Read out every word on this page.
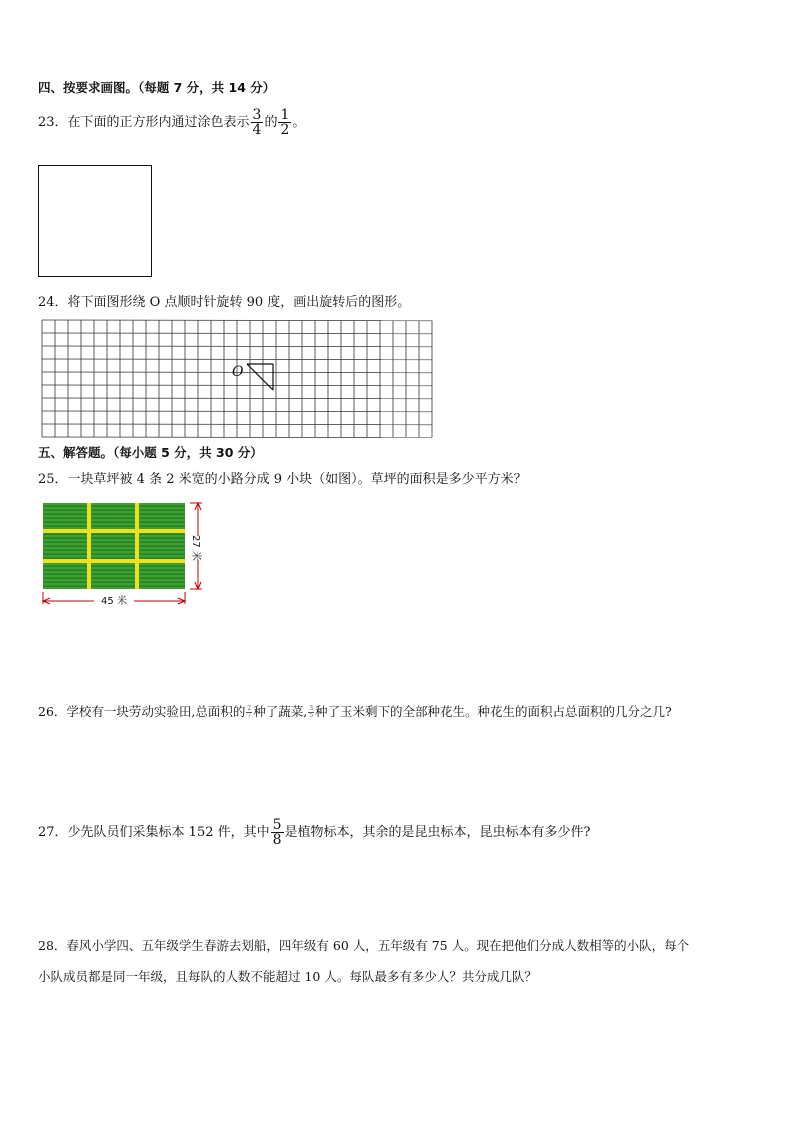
四、按要求画图。（每题 7 分，共 14 分）
23．在下面的正方形内通过涂色表示 $\frac{3}{4}$ 的 $\frac{1}{2}$ 。
24．将下面图形绕 O 点顺时针旋转 90 度，画出旋转后的图形。
O
五、解答题。（每小题 5 分，共 30 分）
25．一块草坪被 4 条 2 米宽的小路分成 9 小块（如图）。草坪的面积是多少平方米？
27 米
45 米
26．学校有一块劳动实验田,总面积的 $\frac{2}{7}$ 种了蔬菜, $\frac{3}{5}$ 种了玉米剩下的全部种花生。种花生的面积占总面积的几分之几?
27．少先队员们采集标本 152 件，其中 $\frac{5}{8}$ 是植物标本，其余的是昆虫标本，昆虫标本有多少件?
28．春风小学四、五年级学生春游去划船，四年级有 60 人，五年级有 75 人。现在把他们分成人数相等的小队，每个
小队成员都是同一年级，且每队的人数不能超过 10 人。每队最多有多少人？共分成几队？
